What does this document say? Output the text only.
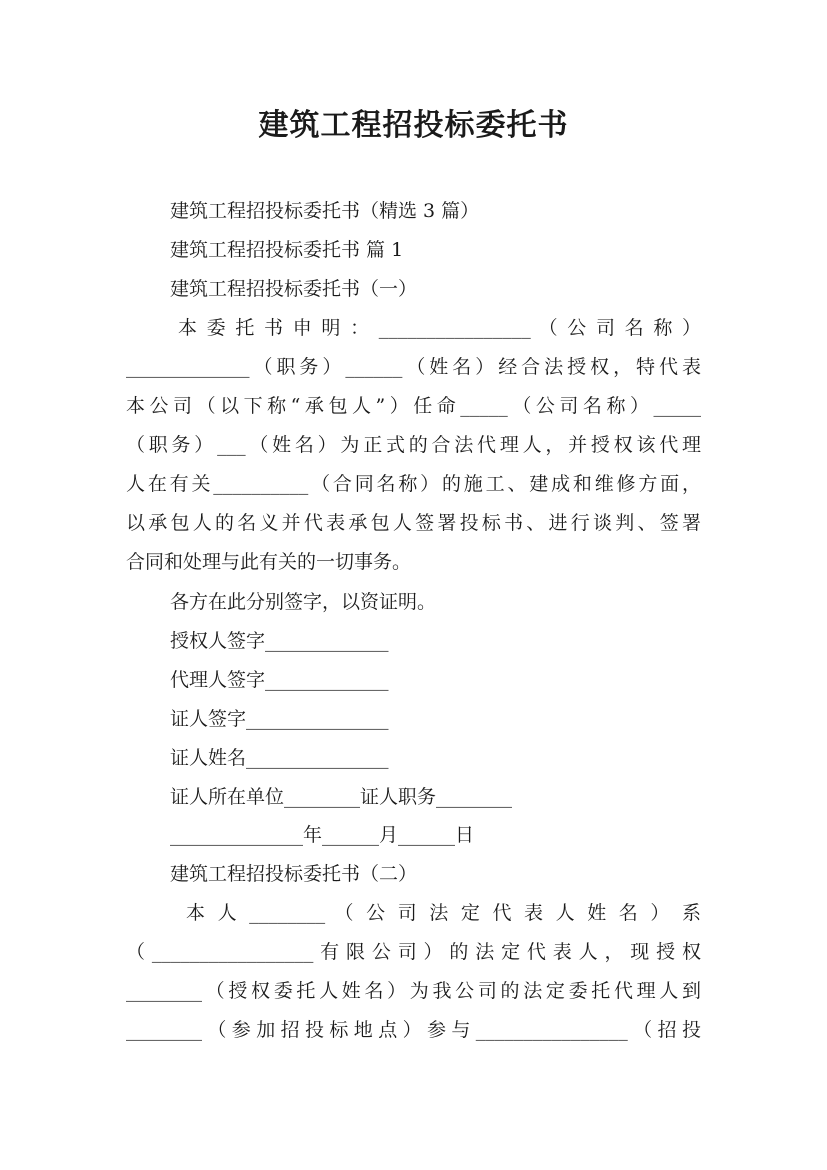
建筑工程招投标委托书
建筑工程招投标委托书（精选 3 篇）
建筑工程招投标委托书 篇 1
建筑工程招投标委托书（一）
本 委 托 书 申 明 ： ________________ （ 公 司 名 称 ）
_____________（职务）______（姓名）经合法授权，特代表
本公司（以下称“承包人”）任命_____（公司名称）_____
（职务）___（姓名）为正式的合法代理人，并授权该代理
人在有关__________（合同名称）的施工、建成和维修方面，
以承包人的名义并代表承包人签署投标书、进行谈判、签署
合同和处理与此有关的一切事务。
各方在此分别签字，以资证明。
授权人签字_____________
代理人签字_____________
证人签字_______________
证人姓名_______________
证人所在单位________证人职务________
______________年______月______日
建筑工程招投标委托书（二）
本 人 ________ （ 公 司 法 定 代 表 人 姓 名 ） 系
（_________________有限公司）的法定代表人，现授权
________（授权委托人姓名）为我公司的法定委托代理人到
________（参加招投标地点）参与________________（招投
